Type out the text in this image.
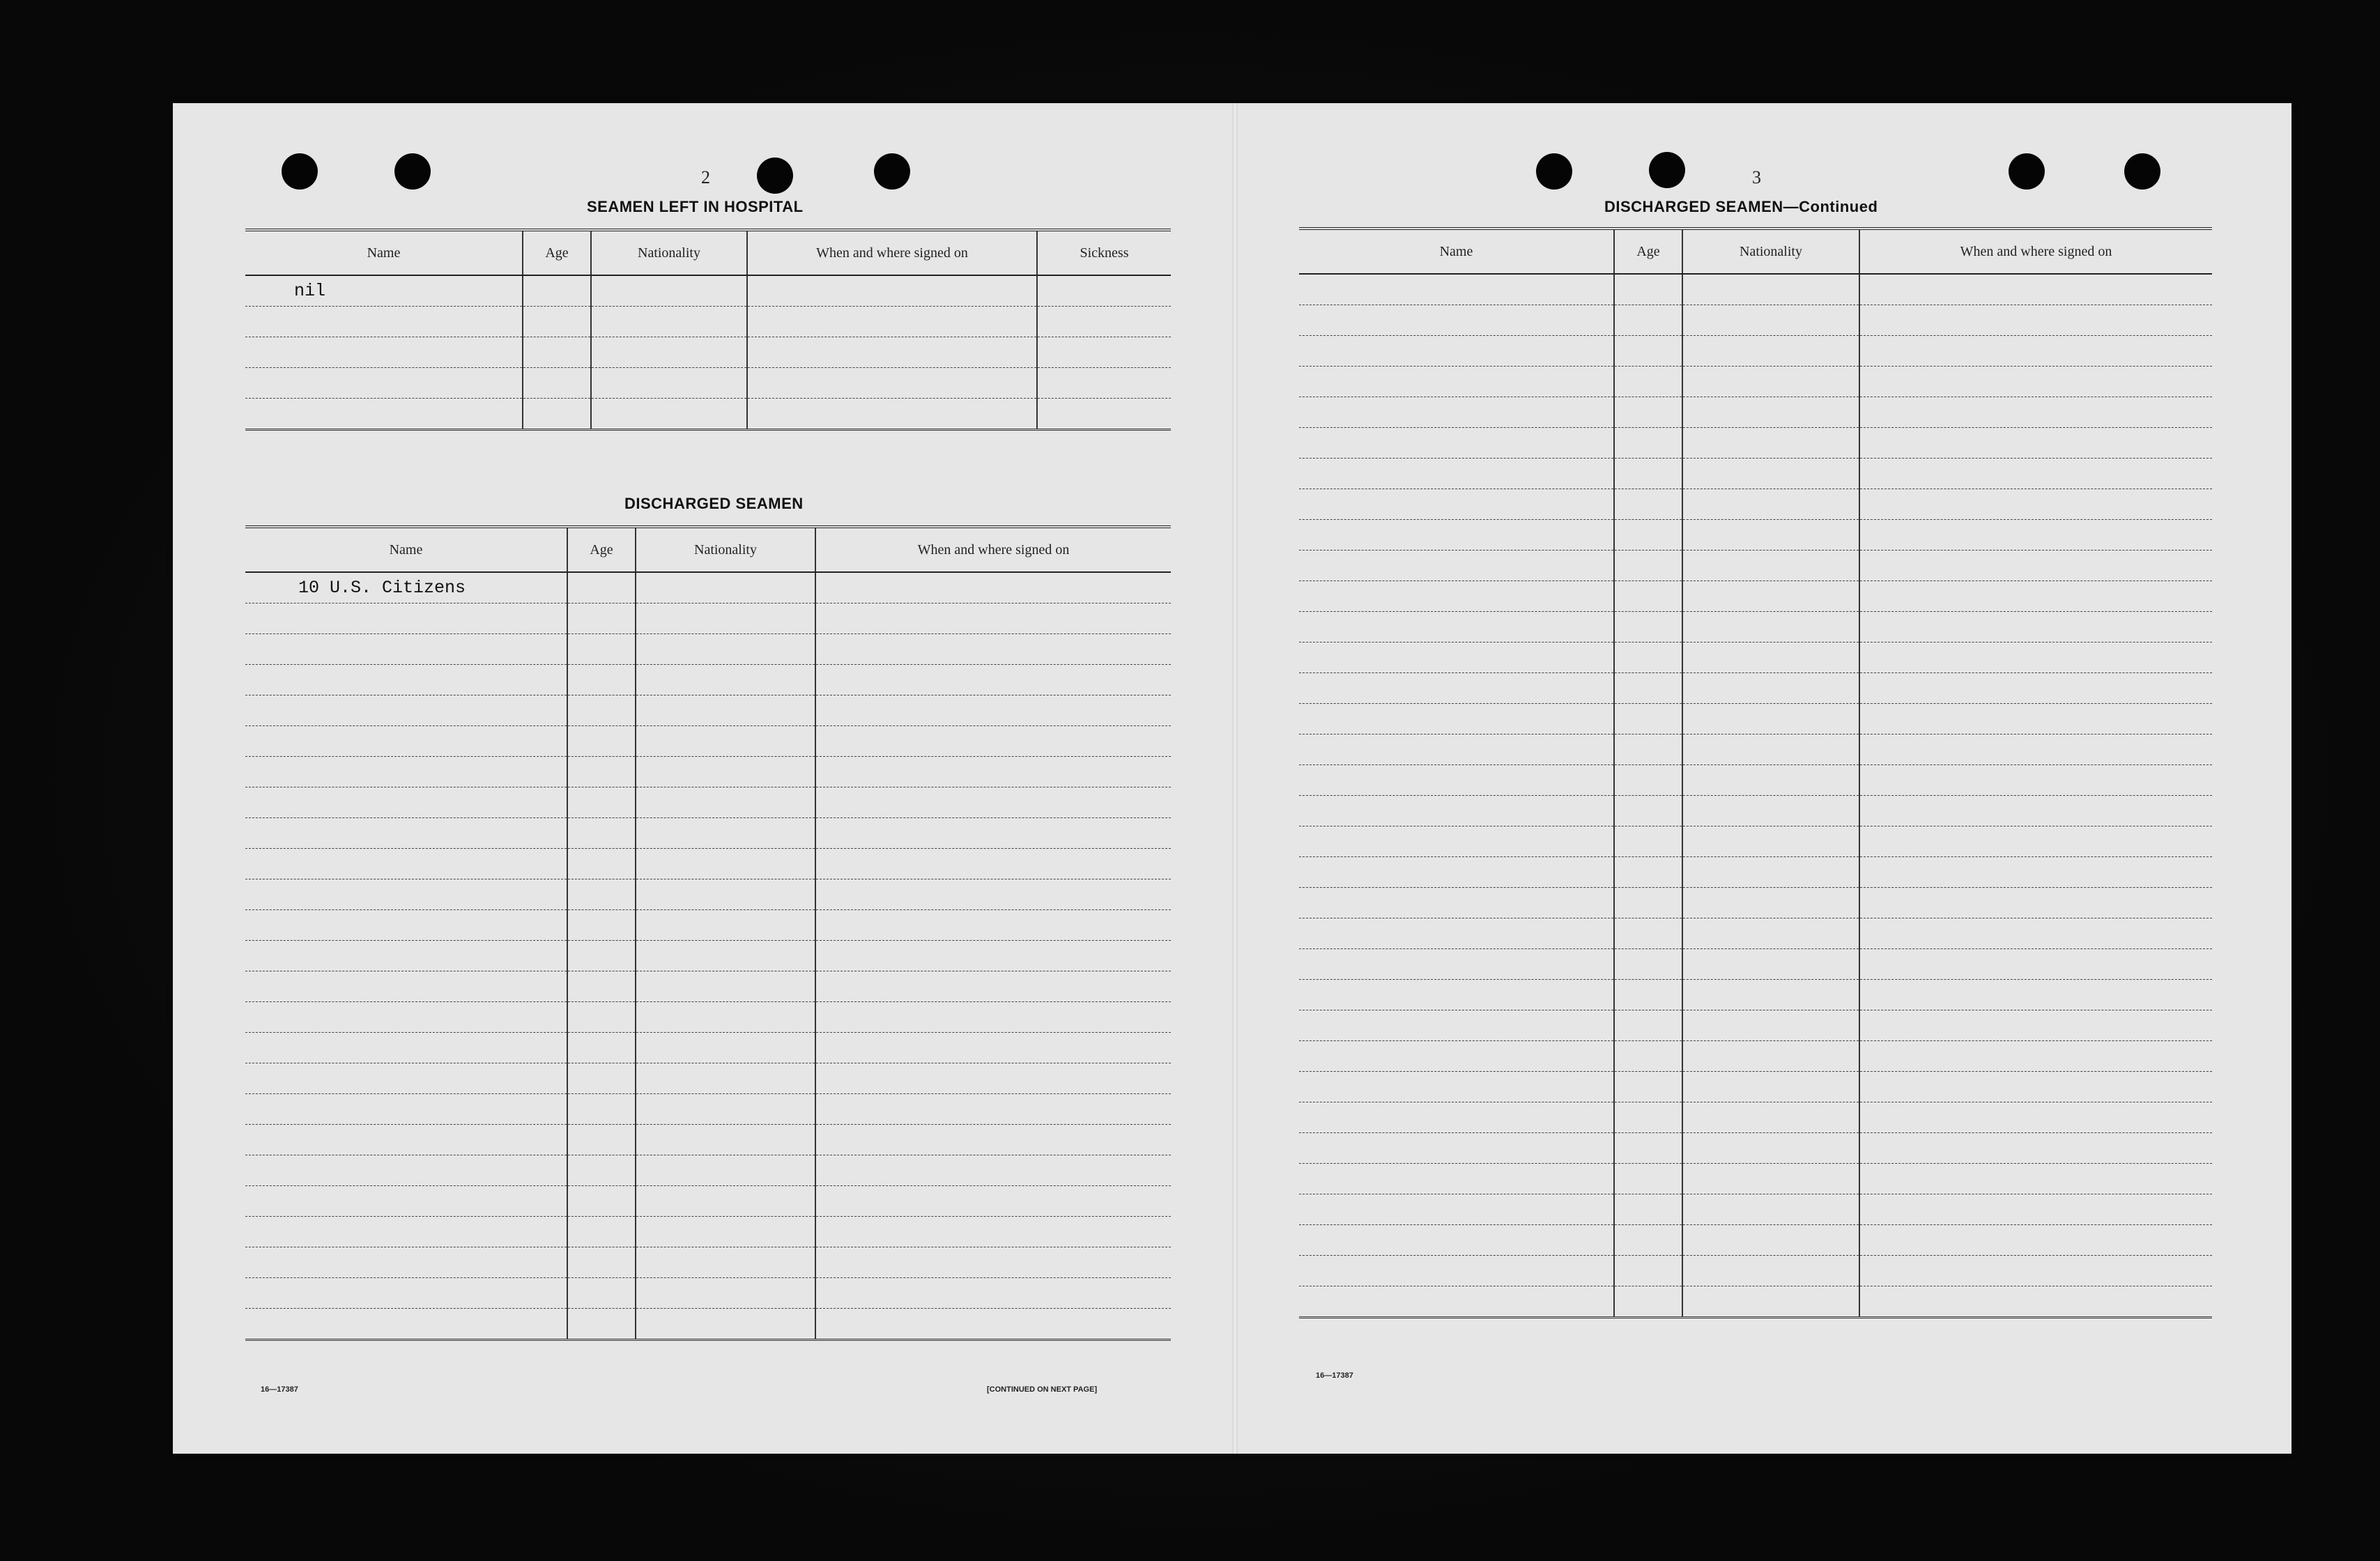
2
SEAMEN LEFT IN HOSPITAL
Name	Age	Nationality	When and where signed on	Sickness
nil				

DISCHARGED SEAMEN
Name	Age	Nationality	When and where signed on
10 U.S. Citizens			

16—17387	[CONTINUED ON NEXT PAGE]
3
DISCHARGED SEAMEN—Continued
Name	Age	Nationality	When and where signed on

16—17387
